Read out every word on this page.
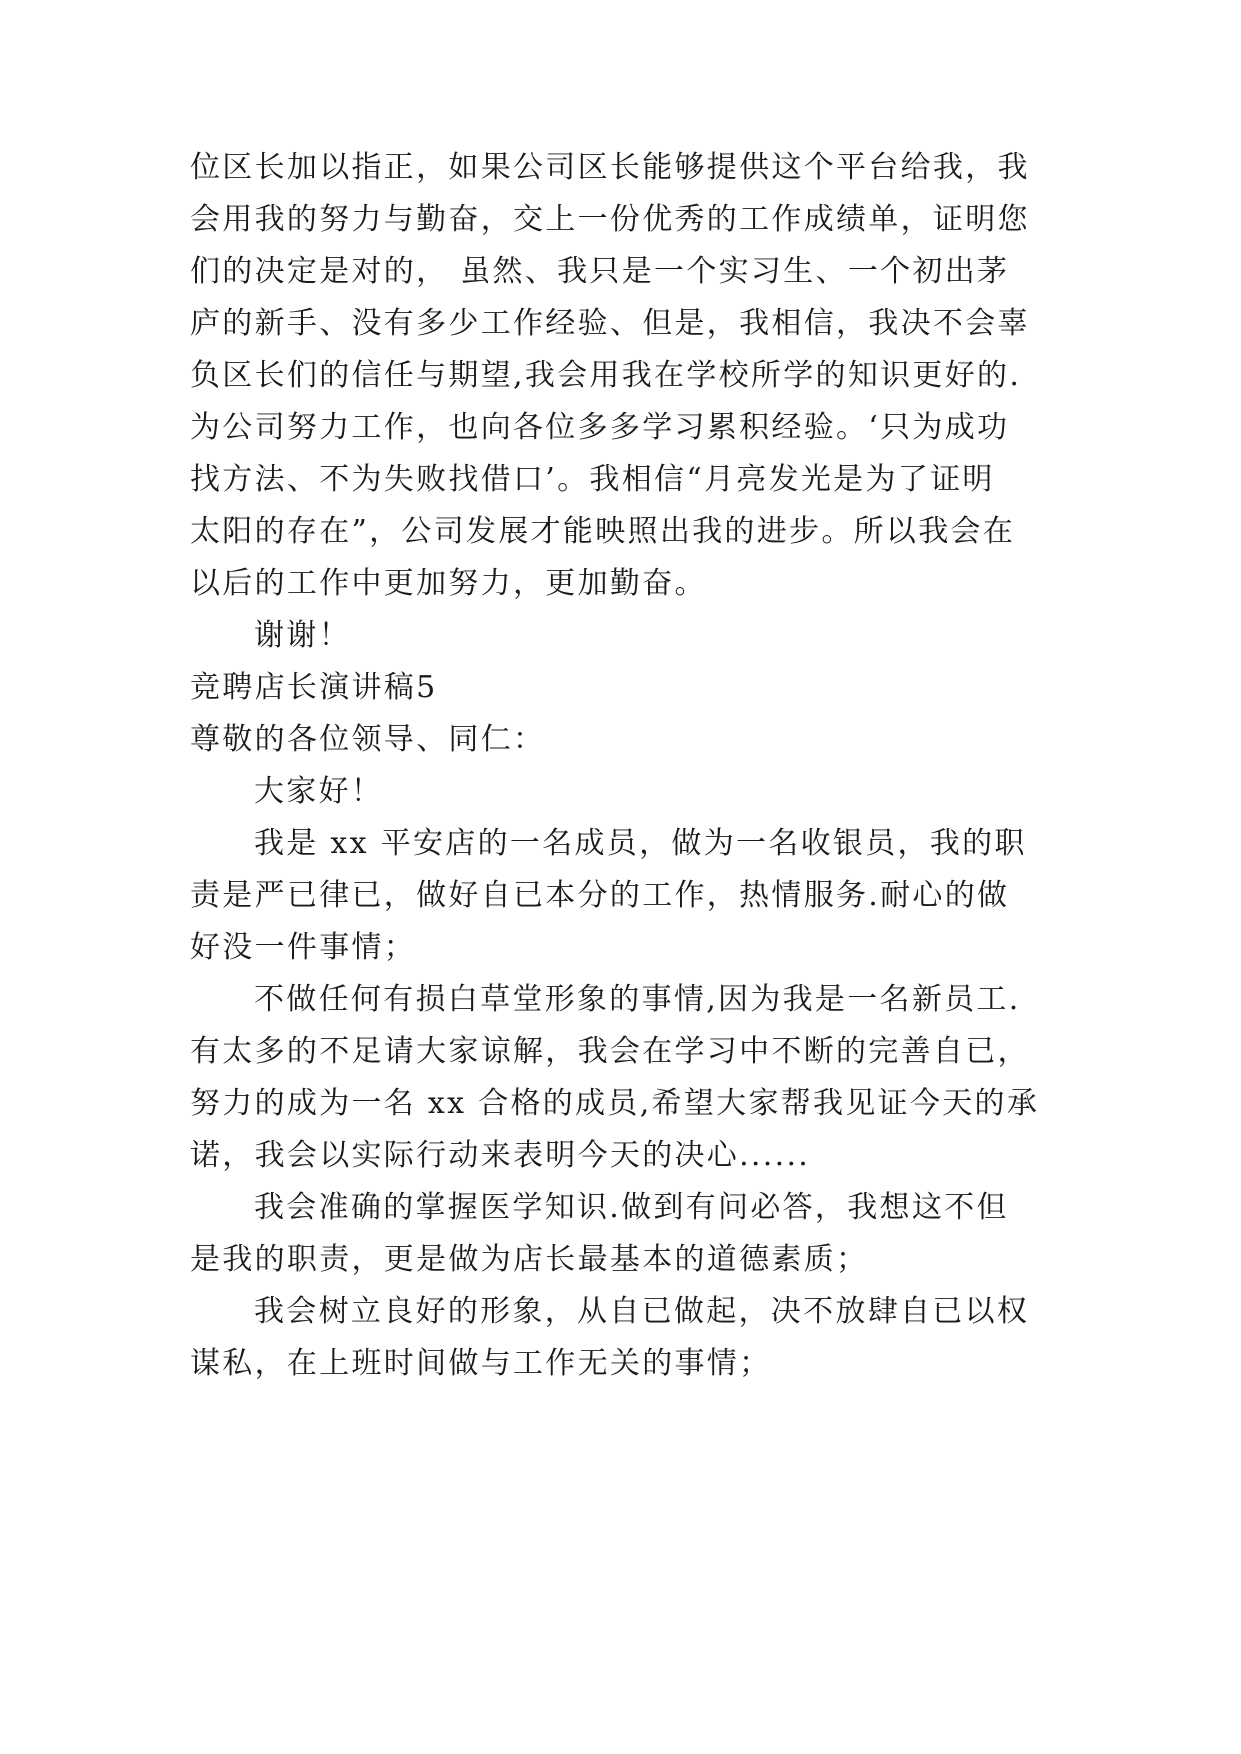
位区长加以指正，如果公司区长能够提供这个平台给我，我
会用我的努力与勤奋，交上一份优秀的工作成绩单，证明您
们的决定是对的， 虽然、我只是一个实习生、一个初出茅
庐的新手、没有多少工作经验、但是，我相信，我决不会辜
负区长们的信任与期望,我会用我在学校所学的知识更好的.
为公司努力工作，也向各位多多学习累积经验。‘只为成功
找方法、不为失败找借口’。我相信“月亮发光是为了证明
太阳的存在”，公司发展才能映照出我的进步。所以我会在
以后的工作中更加努力，更加勤奋。
谢谢！
竞聘店长演讲稿5
尊敬的各位领导、同仁：
大家好！
我是 xx 平安店的一名成员，做为一名收银员，我的职
责是严已律已，做好自已本分的工作，热情服务.耐心的做
好没一件事情；
不做任何有损白草堂形象的事情,因为我是一名新员工.
有太多的不足请大家谅解，我会在学习中不断的完善自已，
努力的成为一名 xx 合格的成员,希望大家帮我见证今天的承
诺，我会以实际行动来表明今天的决心......
我会准确的掌握医学知识.做到有问必答，我想这不但
是我的职责，更是做为店长最基本的道德素质；
我会树立良好的形象，从自已做起，决不放肆自已以权
谋私，在上班时间做与工作无关的事情；
